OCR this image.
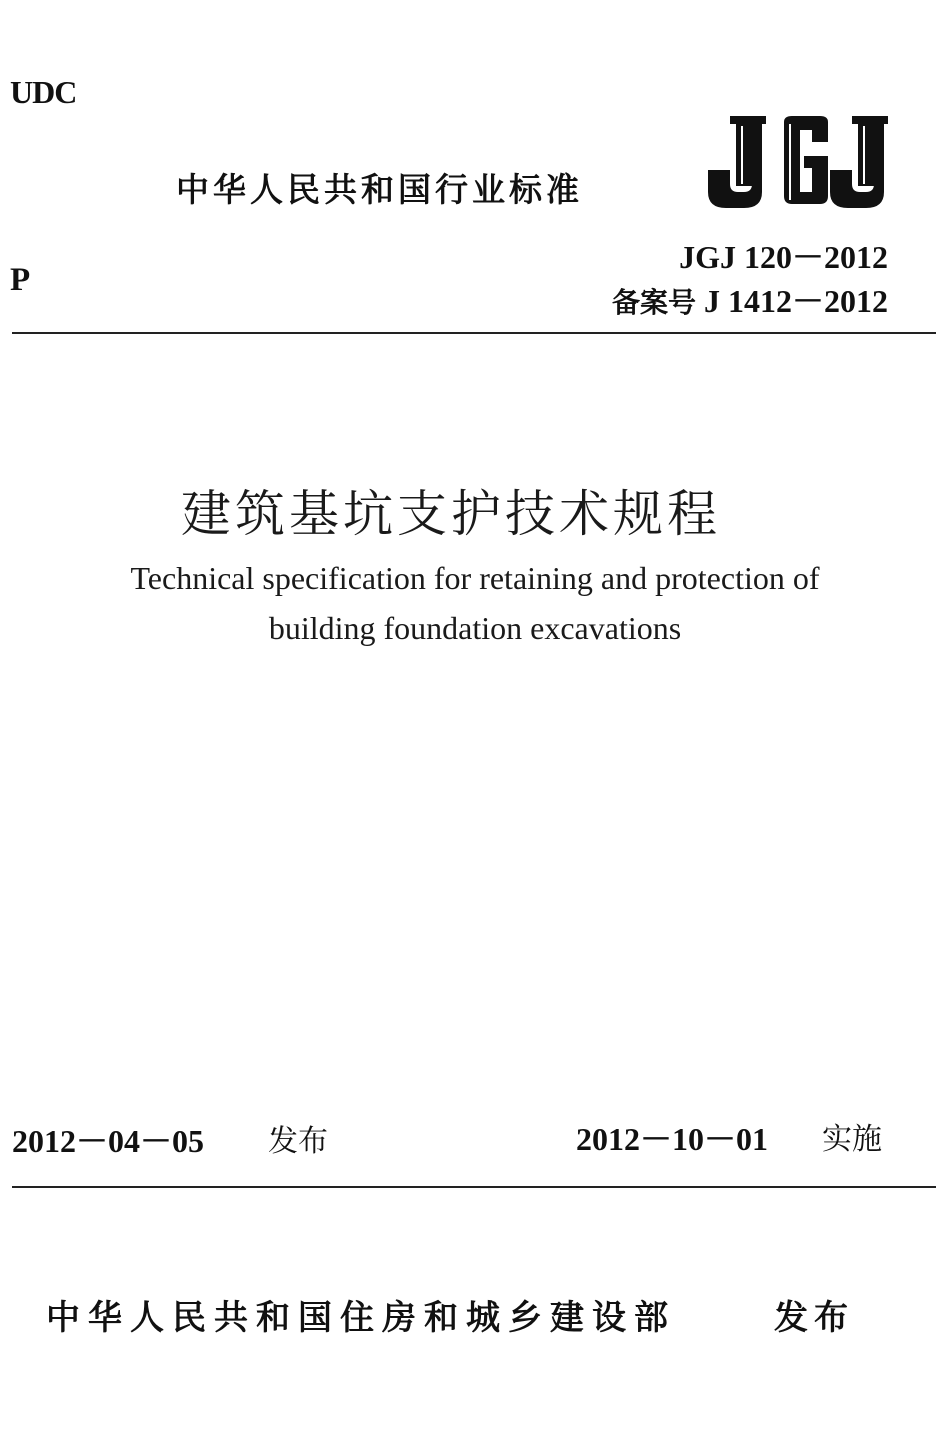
UDC
中华人民共和国行业标准
JGJ 120－2012
P
备案号 J 1412－2012
建筑基坑支护技术规程
Technical specification for retaining and protection of
building foundation excavations
2012－04－05 发布	2012－10－01 实施
中华人民共和国住房和城乡建设部	发布
